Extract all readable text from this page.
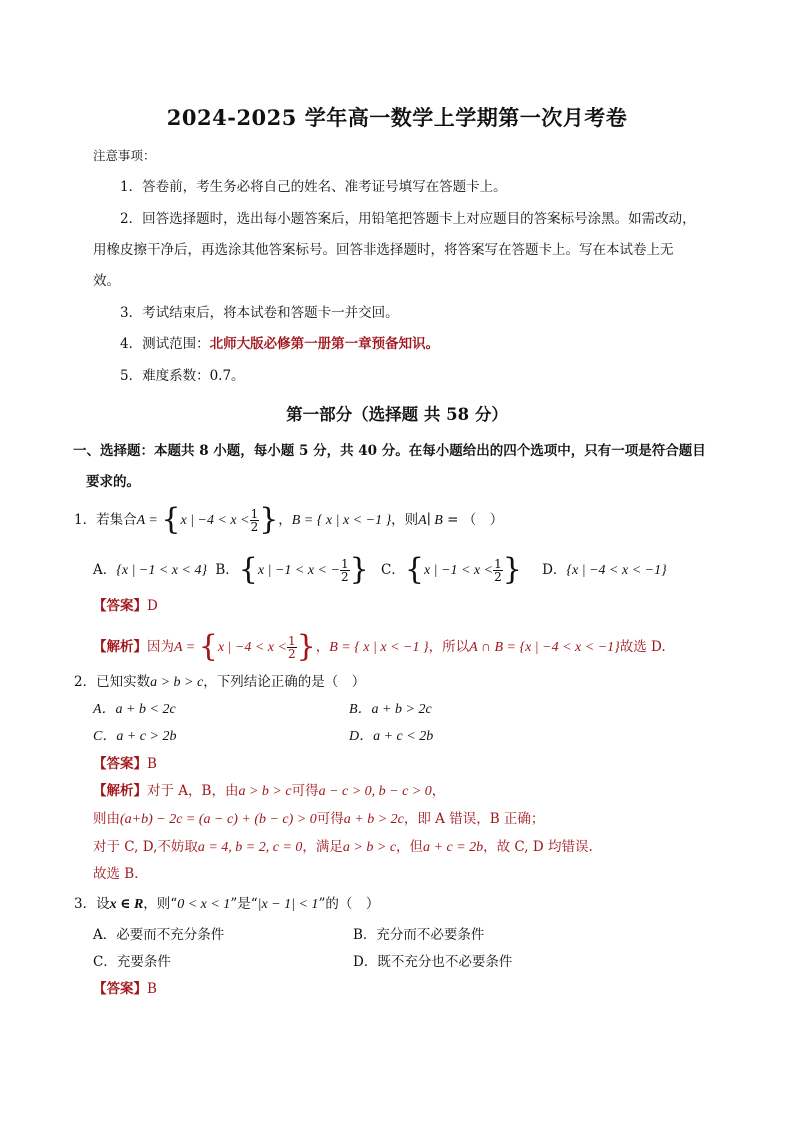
2024-2025 学年高一数学上学期第一次月考卷
注意事项：
1．答卷前，考生务必将自己的姓名、准考证号填写在答题卡上。
2．回答选择题时，选出每小题答案后，用铅笔把答题卡上对应题目的答案标号涂黑。如需改动，
用橡皮擦干净后，再选涂其他答案标号。回答非选择题时，将答案写在答题卡上。写在本试卷上无
效。
3．考试结束后，将本试卷和答题卡一并交回。
4．测试范围：北师大版必修第一册第一章预备知识。
5．难度系数：0.7。
第一部分（选择题 共 58 分）
一、选择题：本题共 8 小题，每小题 5 分，共 40 分。在每小题给出的四个选项中，只有一项是符合题目
要求的。
1．若集合A = {x | $-4 < x < \frac{1}{2}$ }，B = { x | x < −1 }，则A∣ B = （　）
A．{x | −1 < x < 4} B．{x | −1 < x < − $\frac{1}{2}$ } C．{x | $-1 < x < \frac{1}{2}$ } D．{x | −4 < x < −1}
【答案】D
【解析】因为A = {x | $-4 < x < \frac{1}{2}$ }，B = { x | x < −1 }，所以A ∩ B = {x | −4 < x < −1}故选 D.
2．已知实数a > b > c，下列结论正确的是（　）
A．a + b < 2c	B．a + b > 2c
C．a + c > 2b	D．a + c < 2b
【答案】B
【解析】对于 A，B，由a > b > c可得a − c > 0, b − c > 0，
则由(a+b) − 2c = (a − c) + (b − c) > 0可得a + b > 2c，即 A 错误，B 正确；
对于 C, D,不妨取a = 4, b = 2, c = 0，满足a > b > c，但a + c = 2b，故 C, D 均错误.
故选 B．
3．设x ∈ R，则“0 < x < 1”是“|x − 1| < 1”的（　）
A．必要而不充分条件	B．充分而不必要条件
C．充要条件	D．既不充分也不必要条件
【答案】B
